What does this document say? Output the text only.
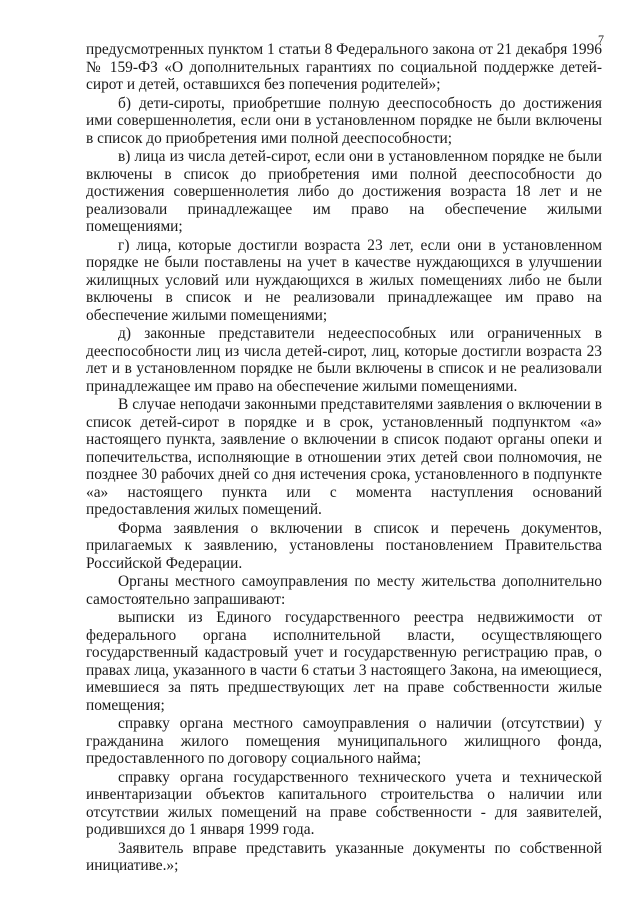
7

предусмотренных пунктом 1 статьи 8 Федерального закона от 21 декабря 1996 № 159-ФЗ «О дополнительных гарантиях по социальной поддержке детей-сирот и детей, оставшихся без попечения родителей»;

б) дети-сироты, приобретшие полную дееспособность до достижения ими совершеннолетия, если они в установленном порядке не были включены в список до приобретения ими полной дееспособности;

в) лица из числа детей-сирот, если они в установленном порядке не были включены в список до приобретения ими полной дееспособности до достижения совершеннолетия либо до достижения возраста 18 лет и не реализовали принадлежащее им право на обеспечение жилыми помещениями;

г) лица, которые достигли возраста 23 лет, если они в установленном порядке не были поставлены на учет в качестве нуждающихся в улучшении жилищных условий или нуждающихся в жилых помещениях либо не были включены в список и не реализовали принадлежащее им право на обеспечение жилыми помещениями;

д) законные представители недееспособных или ограниченных в дееспособности лиц из числа детей-сирот, лиц, которые достигли возраста 23 лет и в установленном порядке не были включены в список и не реализовали принадлежащее им право на обеспечение жилыми помещениями.

В случае неподачи законными представителями заявления о включении в список детей-сирот в порядке и в срок, установленный подпунктом «а» настоящего пункта, заявление о включении в список подают органы опеки и попечительства, исполняющие в отношении этих детей свои полномочия, не позднее 30 рабочих дней со дня истечения срока, установленного в подпункте «а» настоящего пункта или с момента наступления оснований предоставления жилых помещений.

Форма заявления о включении в список и перечень документов, прилагаемых к заявлению, установлены постановлением Правительства Российской Федерации.

Органы местного самоуправления по месту жительства дополнительно самостоятельно запрашивают:

выписки из Единого государственного реестра недвижимости от федерального органа исполнительной власти, осуществляющего государственный кадастровый учет и государственную регистрацию прав, о правах лица, указанного в части 6 статьи 3 настоящего Закона, на имеющиеся, имевшиеся за пять предшествующих лет на праве собственности жилые помещения;

справку органа местного самоуправления о наличии (отсутствии) у гражданина жилого помещения муниципального жилищного фонда, предоставленного по договору социального найма;

справку органа государственного технического учета и технической инвентаризации объектов капитального строительства о наличии или отсутствии жилых помещений на праве собственности - для заявителей, родившихся до 1 января 1999 года.

Заявитель вправе представить указанные документы по собственной инициативе.»;
